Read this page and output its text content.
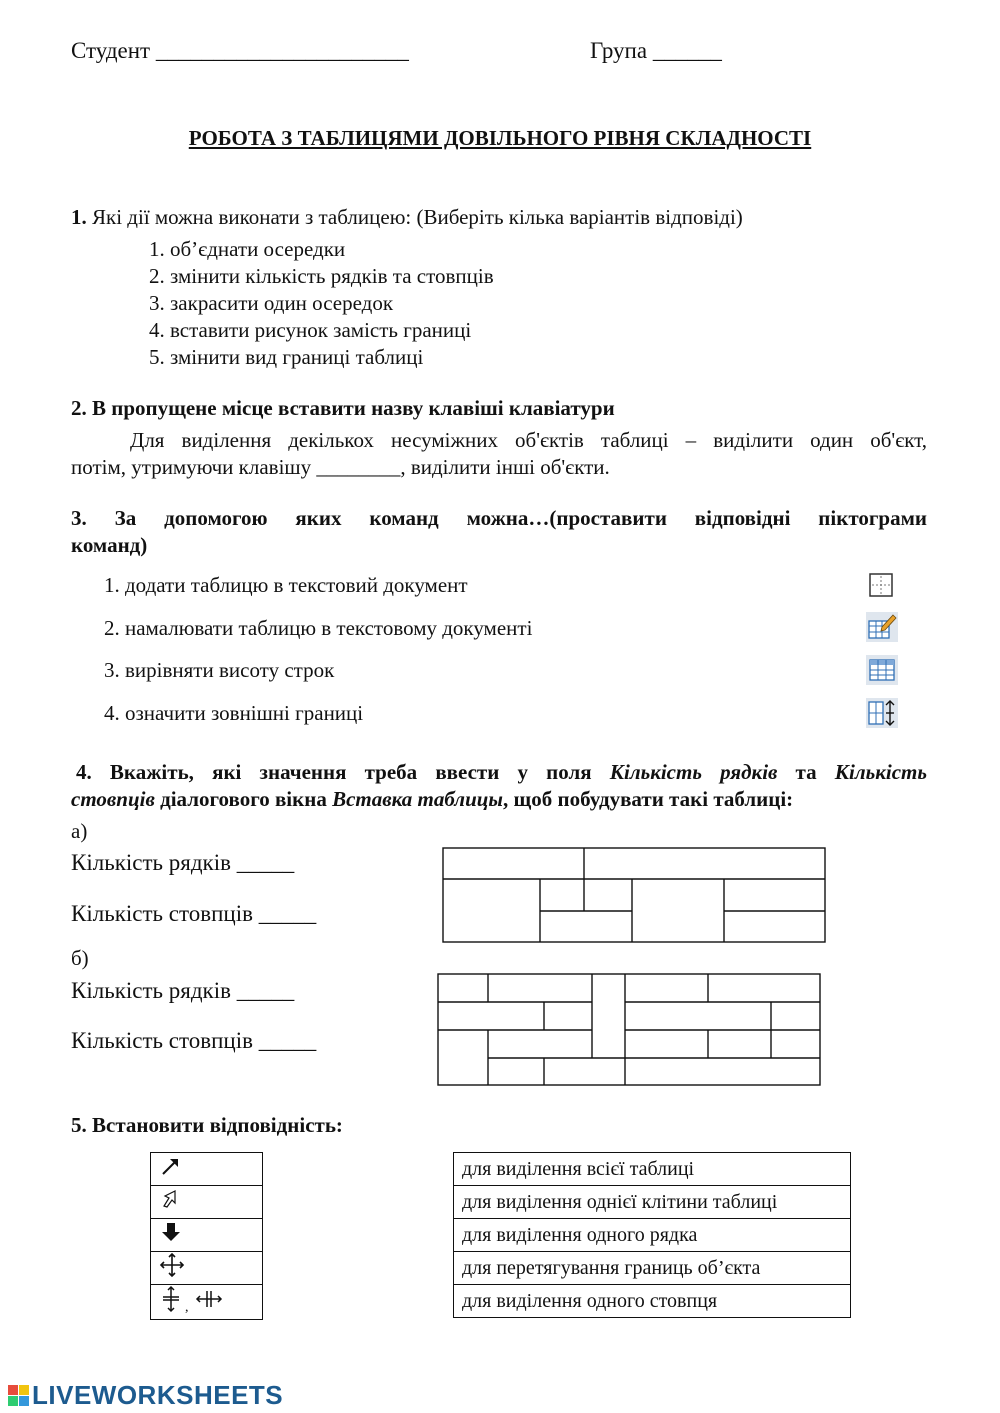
Студент ______________________	Група ______
РОБОТА З ТАБЛИЦЯМИ ДОВІЛЬНОГО РІВНЯ СКЛАДНОСТІ
1. Які дії можна виконати з таблицею: (Виберіть кілька варіантів відповіді)
1. об’єднати осередки
2. змінити кількість рядків та стовпців
3. закрасити один осередок
4. вставити рисунок замість границі
5. змінити вид границі таблиці
2. В пропущене місце вставити назву клавіші клавіатури
Для виділення декількох несуміжних об'єктів таблиці – виділити один об'єкт,
потім, утримуючи клавішу ________, виділити інші об'єкти.
3. За допомогою яких команд можна…(проставити відповідні піктограми
команд)
1. додати таблицю в текстовий документ
2. намалювати таблицю в текстовому документі
3. вирівняти висоту строк
4. означити зовнішні границі
4. Вкажіть, які значення треба ввести у поля Кількість рядків та Кількість
стовпців діалогового вікна Вставка таблицы, щоб побудувати такі таблиці:
а)
Кількість рядків _____
Кількість стовпців _____
б)
Кількість рядків _____
Кількість стовпців _____
5. Встановити відповідність:

,
для виділення всієї таблиці
для виділення однієї клітини таблиці
для виділення одного рядка
для перетягування границь об’єкта
для виділення одного стовпця
LIVEWORKSHEETS
